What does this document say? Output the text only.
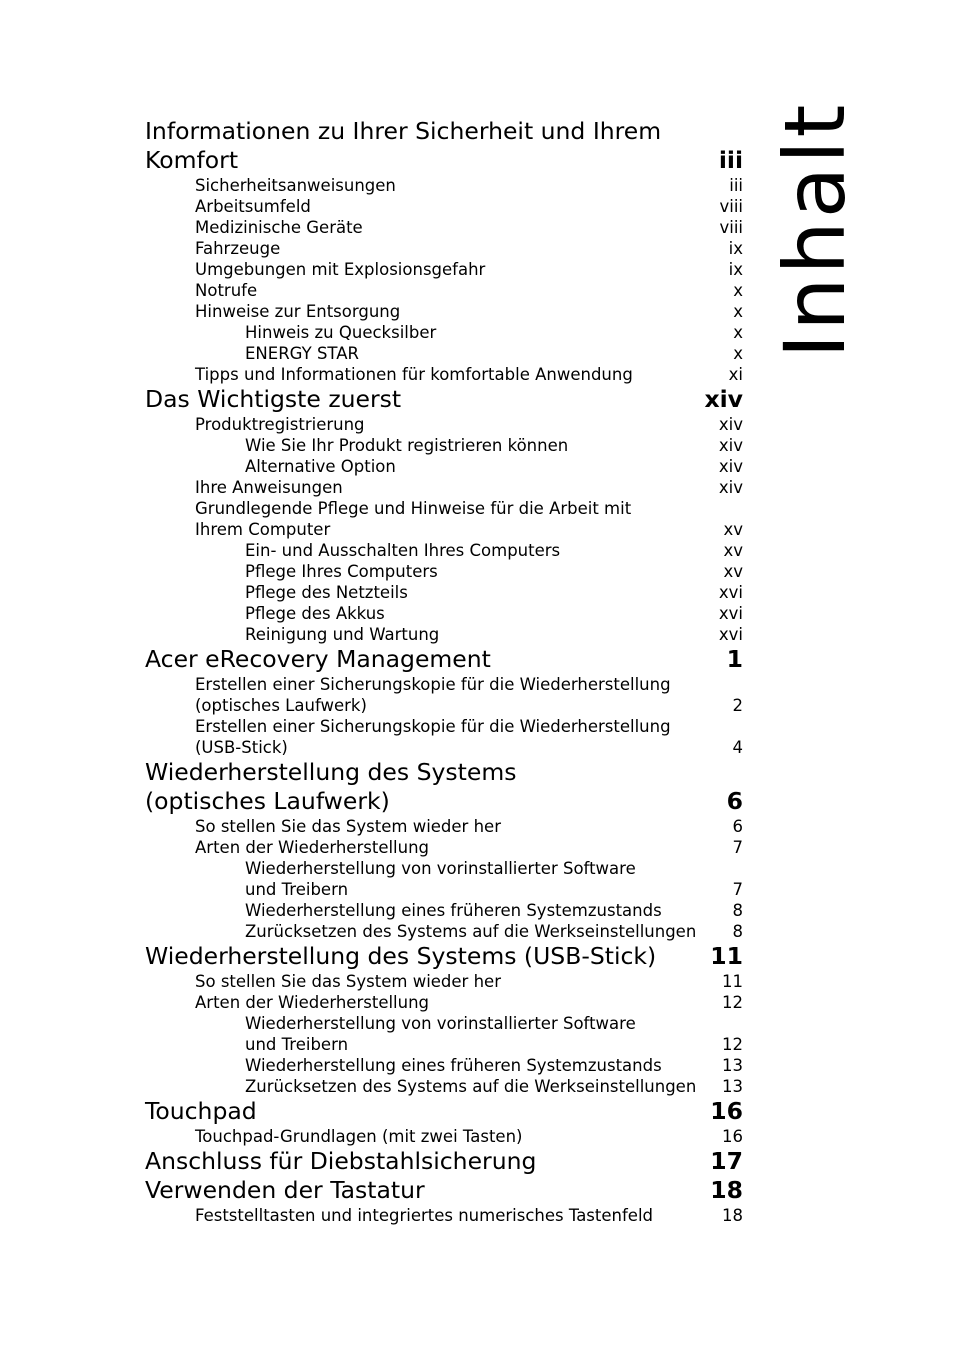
Inhalt
Informationen zu Ihrer Sicherheit und Ihrem
Komfort	iii
Sicherheitsanweisungen	iii
Arbeitsumfeld	viii
Medizinische Geräte	viii
Fahrzeuge	ix
Umgebungen mit Explosionsgefahr	ix
Notrufe	x
Hinweise zur Entsorgung	x
Hinweis zu Quecksilber	x
ENERGY STAR	x
Tipps und Informationen für komfortable Anwendung	xi
Das Wichtigste zuerst	xiv
Produktregistrierung	xiv
Wie Sie Ihr Produkt registrieren können	xiv
Alternative Option	xiv
Ihre Anweisungen	xiv
Grundlegende Pflege und Hinweise für die Arbeit mit
Ihrem Computer	xv
Ein- und Ausschalten Ihres Computers	xv
Pflege Ihres Computers	xv
Pflege des Netzteils	xvi
Pflege des Akkus	xvi
Reinigung und Wartung	xvi
Acer eRecovery Management	1
Erstellen einer Sicherungskopie für die Wiederherstellung
(optisches Laufwerk)	2
Erstellen einer Sicherungskopie für die Wiederherstellung
(USB-Stick)	4
Wiederherstellung des Systems
(optisches Laufwerk)	6
So stellen Sie das System wieder her	6
Arten der Wiederherstellung	7
Wiederherstellung von vorinstallierter Software
und Treibern	7
Wiederherstellung eines früheren Systemzustands	8
Zurücksetzen des Systems auf die Werkseinstellungen	8
Wiederherstellung des Systems (USB-Stick)	11
So stellen Sie das System wieder her	11
Arten der Wiederherstellung	12
Wiederherstellung von vorinstallierter Software
und Treibern	12
Wiederherstellung eines früheren Systemzustands	13
Zurücksetzen des Systems auf die Werkseinstellungen	13
Touchpad	16
Touchpad-Grundlagen (mit zwei Tasten)	16
Anschluss für Diebstahlsicherung	17
Verwenden der Tastatur	18
Feststelltasten und integriertes numerisches Tastenfeld	18
